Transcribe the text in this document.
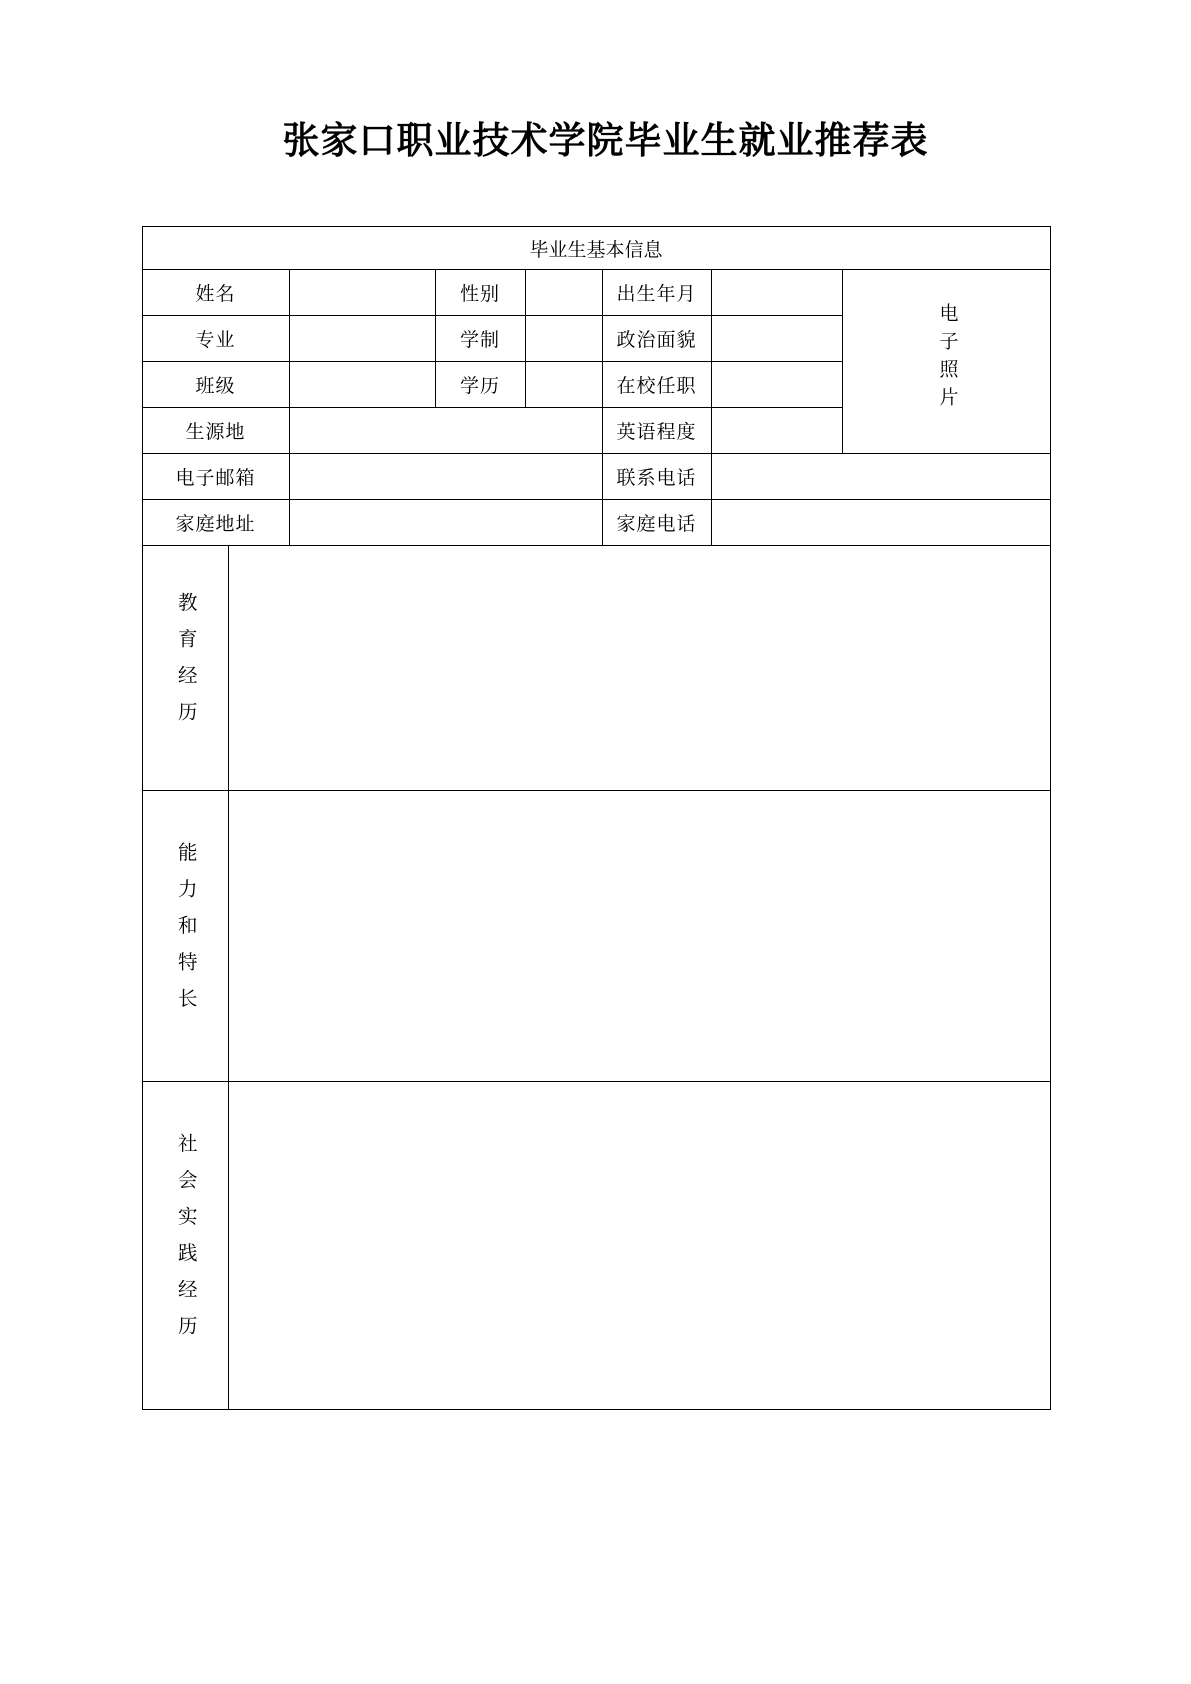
张家口职业技术学院毕业生就业推荐表
毕业生基本信息							
姓名			性别		出生年月		电子照片
专业			学制		政治面貌		
班级			学历		在校任职		
生源地					英语程度		
电子邮箱					联系电话		
家庭地址					家庭电话		
教育经历							
能力和特长							
社会实践经历							
